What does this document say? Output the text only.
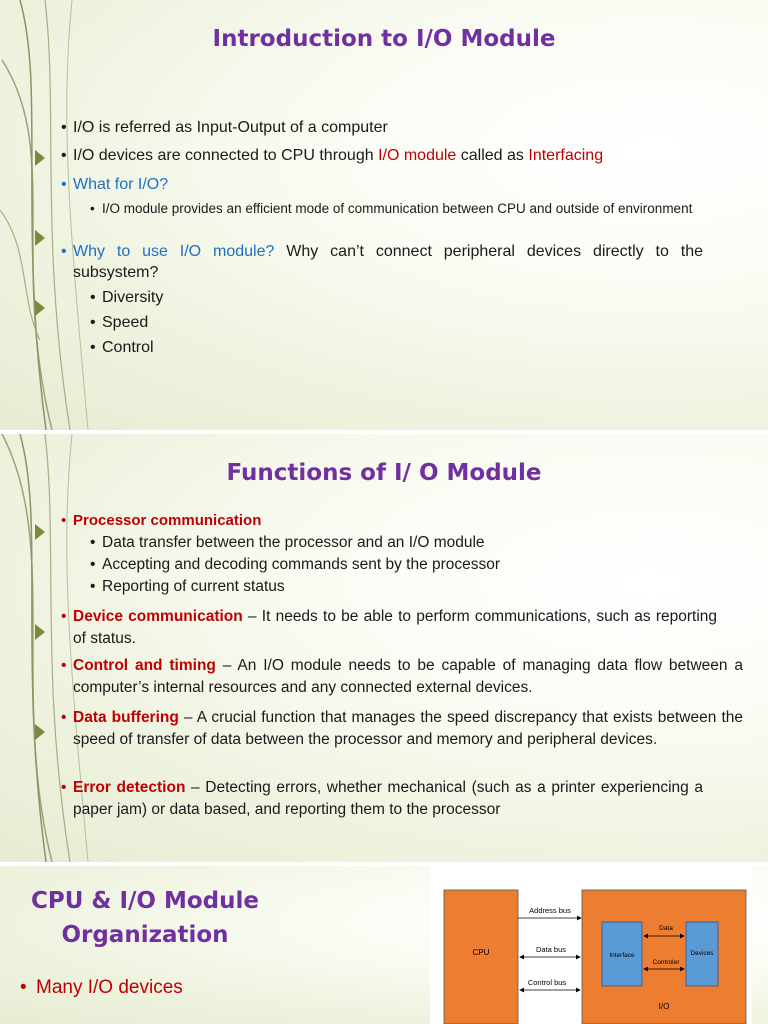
Introduction to I/O Module
• I/O is referred as Input-Output of a computer
• I/O devices are connected to CPU through I/O module called as Interfacing
• What for I/O?
• I/O module provides an efficient mode of communication between CPU and outside of environment
• Why to use I/O module? Why can’t connect peripheral devices directly to the subsystem?
• Diversity
• Speed
• Control
Functions of I/ O Module
• Processor communication
• Data transfer between the processor and an I/O module
• Accepting and decoding commands sent by the processor
• Reporting of current status
• Device communication – It needs to be able to perform communications, such as reporting of status.
• Control and timing – An I/O module needs to be capable of managing data flow between a computer’s internal resources and any connected external devices.
• Data buffering – A crucial function that manages the speed discrepancy that exists between the speed of transfer of data between the processor and memory and peripheral devices.
• Error detection – Detecting errors, whether mechanical (such as a printer experiencing a paper jam) or data based, and reporting them to the processor
CPU & I/O Module
Organization
• Many I/O devices
CPU
I/O
Interface	Devices
Address bus
Data bus
Control bus
Data
Controler
